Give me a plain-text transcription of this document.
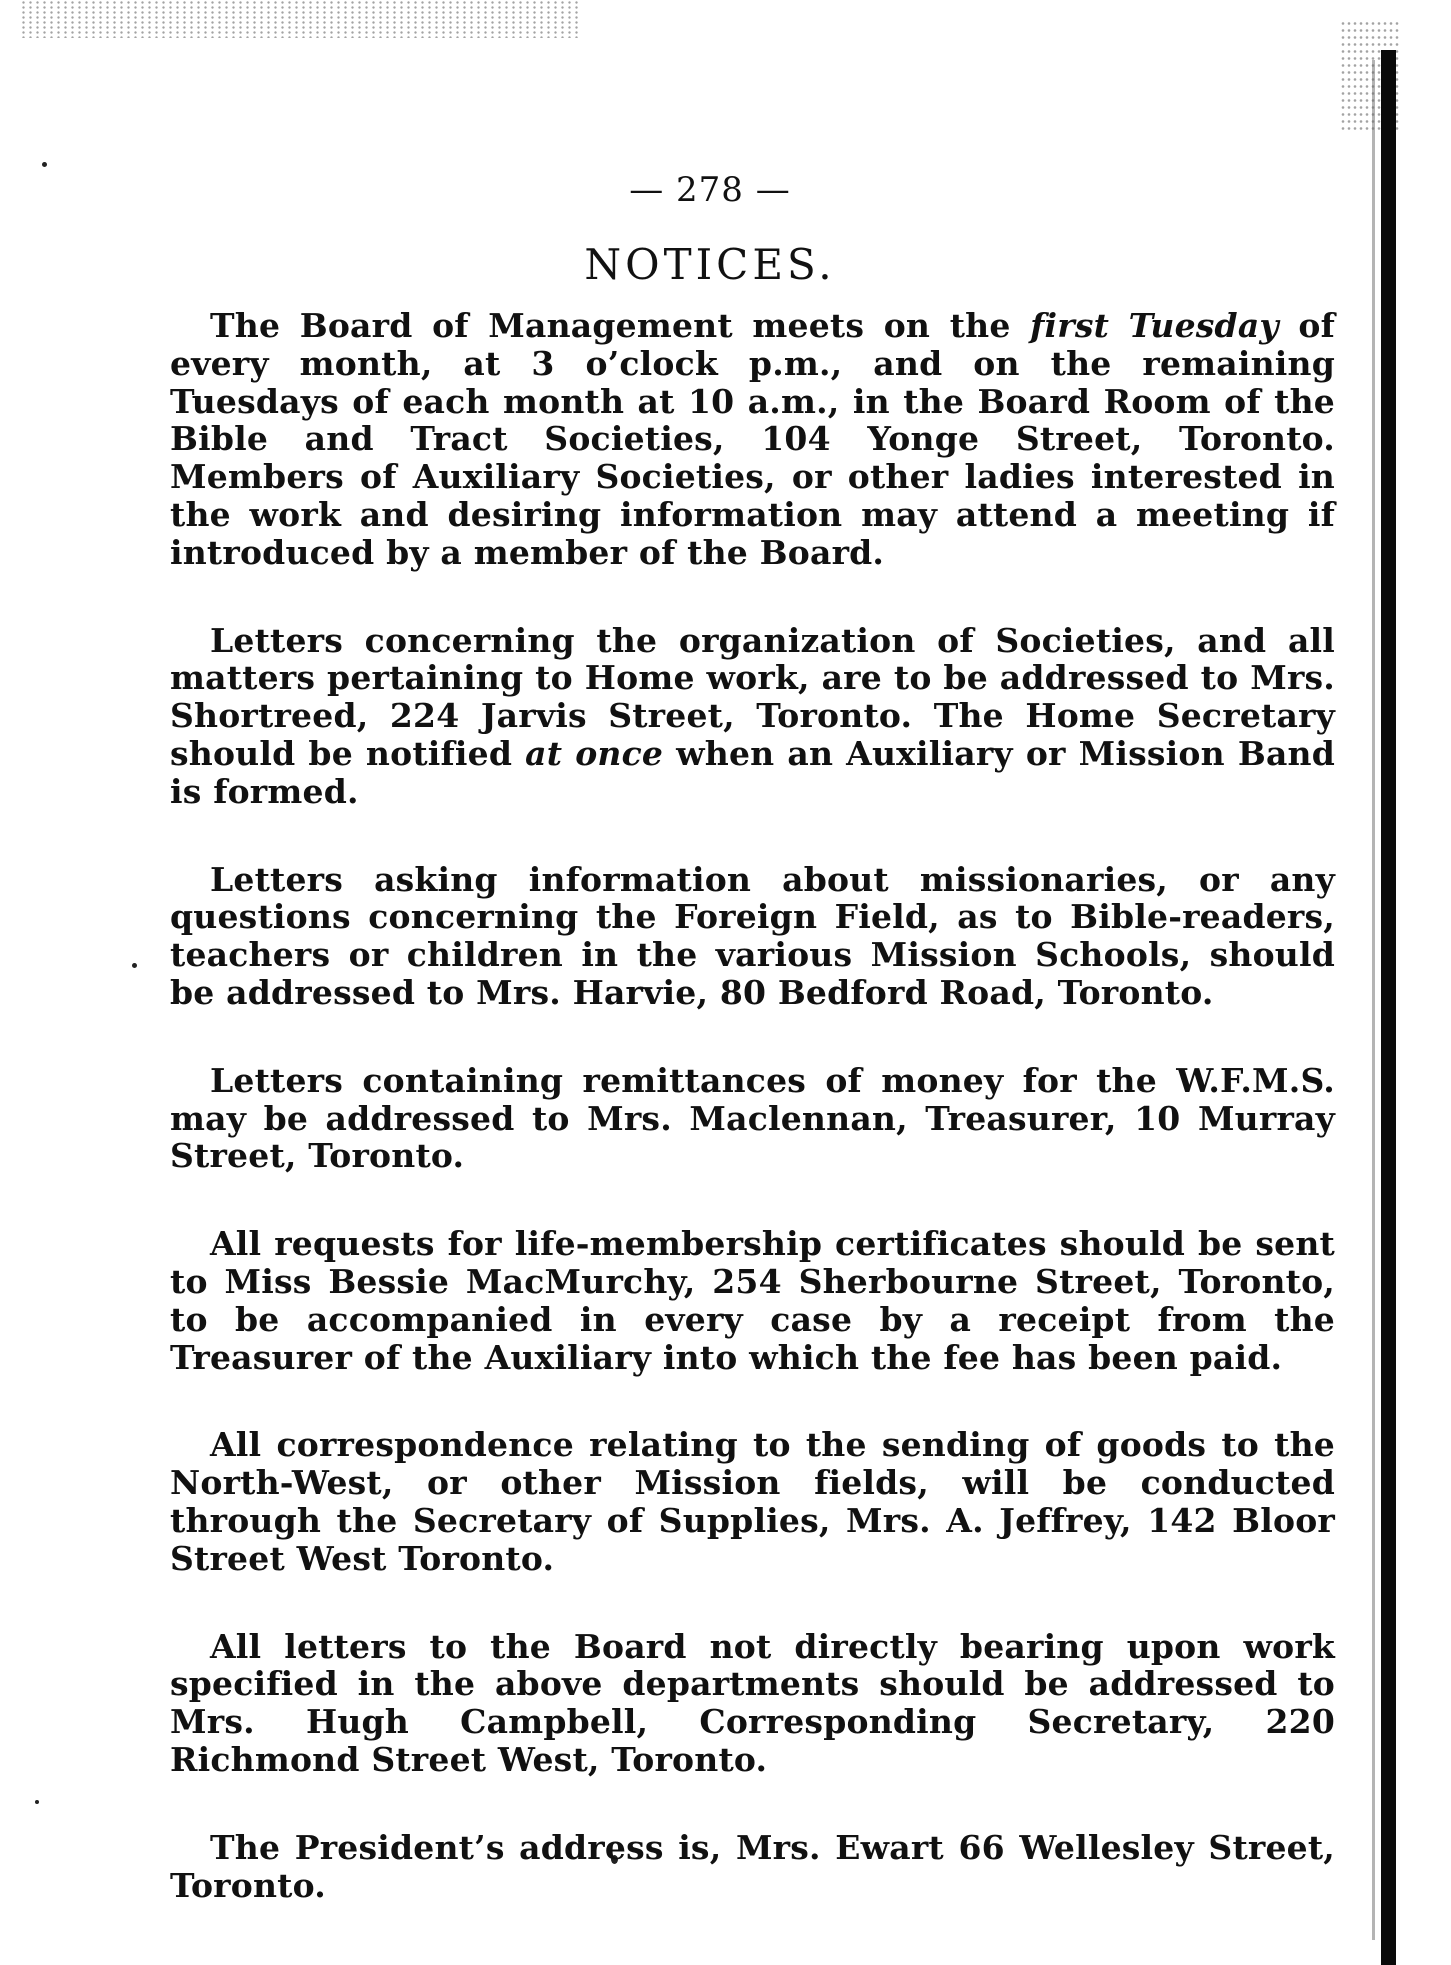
— 278 —
NOTICES.

The Board of Management meets on the first Tuesday of every month, at 3 o’clock p.m., and on the remaining Tuesdays of each month at 10 a.m., in the Board Room of the Bible and Tract Societies, 104 Yonge Street, Toronto. Members of Auxiliary Societies, or other ladies interested in the work and desiring information may attend a meeting if introduced by a member of the Board.

Letters concerning the organization of Societies, and all matters pertaining to Home work, are to be addressed to Mrs. Shortreed, 224 Jarvis Street, Toronto. The Home Secretary should be notified at once when an Auxiliary or Mission Band is formed.

Letters asking information about missionaries, or any questions concerning the Foreign Field, as to Bible-readers, teachers or children in the various Mission Schools, should be addressed to Mrs. Harvie, 80 Bedford Road, Toronto.

Letters containing remittances of money for the W.F.M.S. may be addressed to Mrs. Maclennan, Treasurer, 10 Murray Street, Toronto.

All requests for life-membership certificates should be sent to Miss Bessie MacMurchy, 254 Sherbourne Street, Toronto, to be accompanied in every case by a receipt from the Treasurer of the Auxiliary into which the fee has been paid.

All correspondence relating to the sending of goods to the North-West, or other Mission fields, will be conducted through the Secretary of Supplies, Mrs. A. Jeffrey, 142 Bloor Street West Toronto.

All letters to the Board not directly bearing upon work specified in the above departments should be addressed to Mrs. Hugh Campbell, Corresponding Secretary, 220 Richmond Street West, Toronto.

The President’s address is, Mrs. Ewart 66 Wellesley Street, Toronto.
